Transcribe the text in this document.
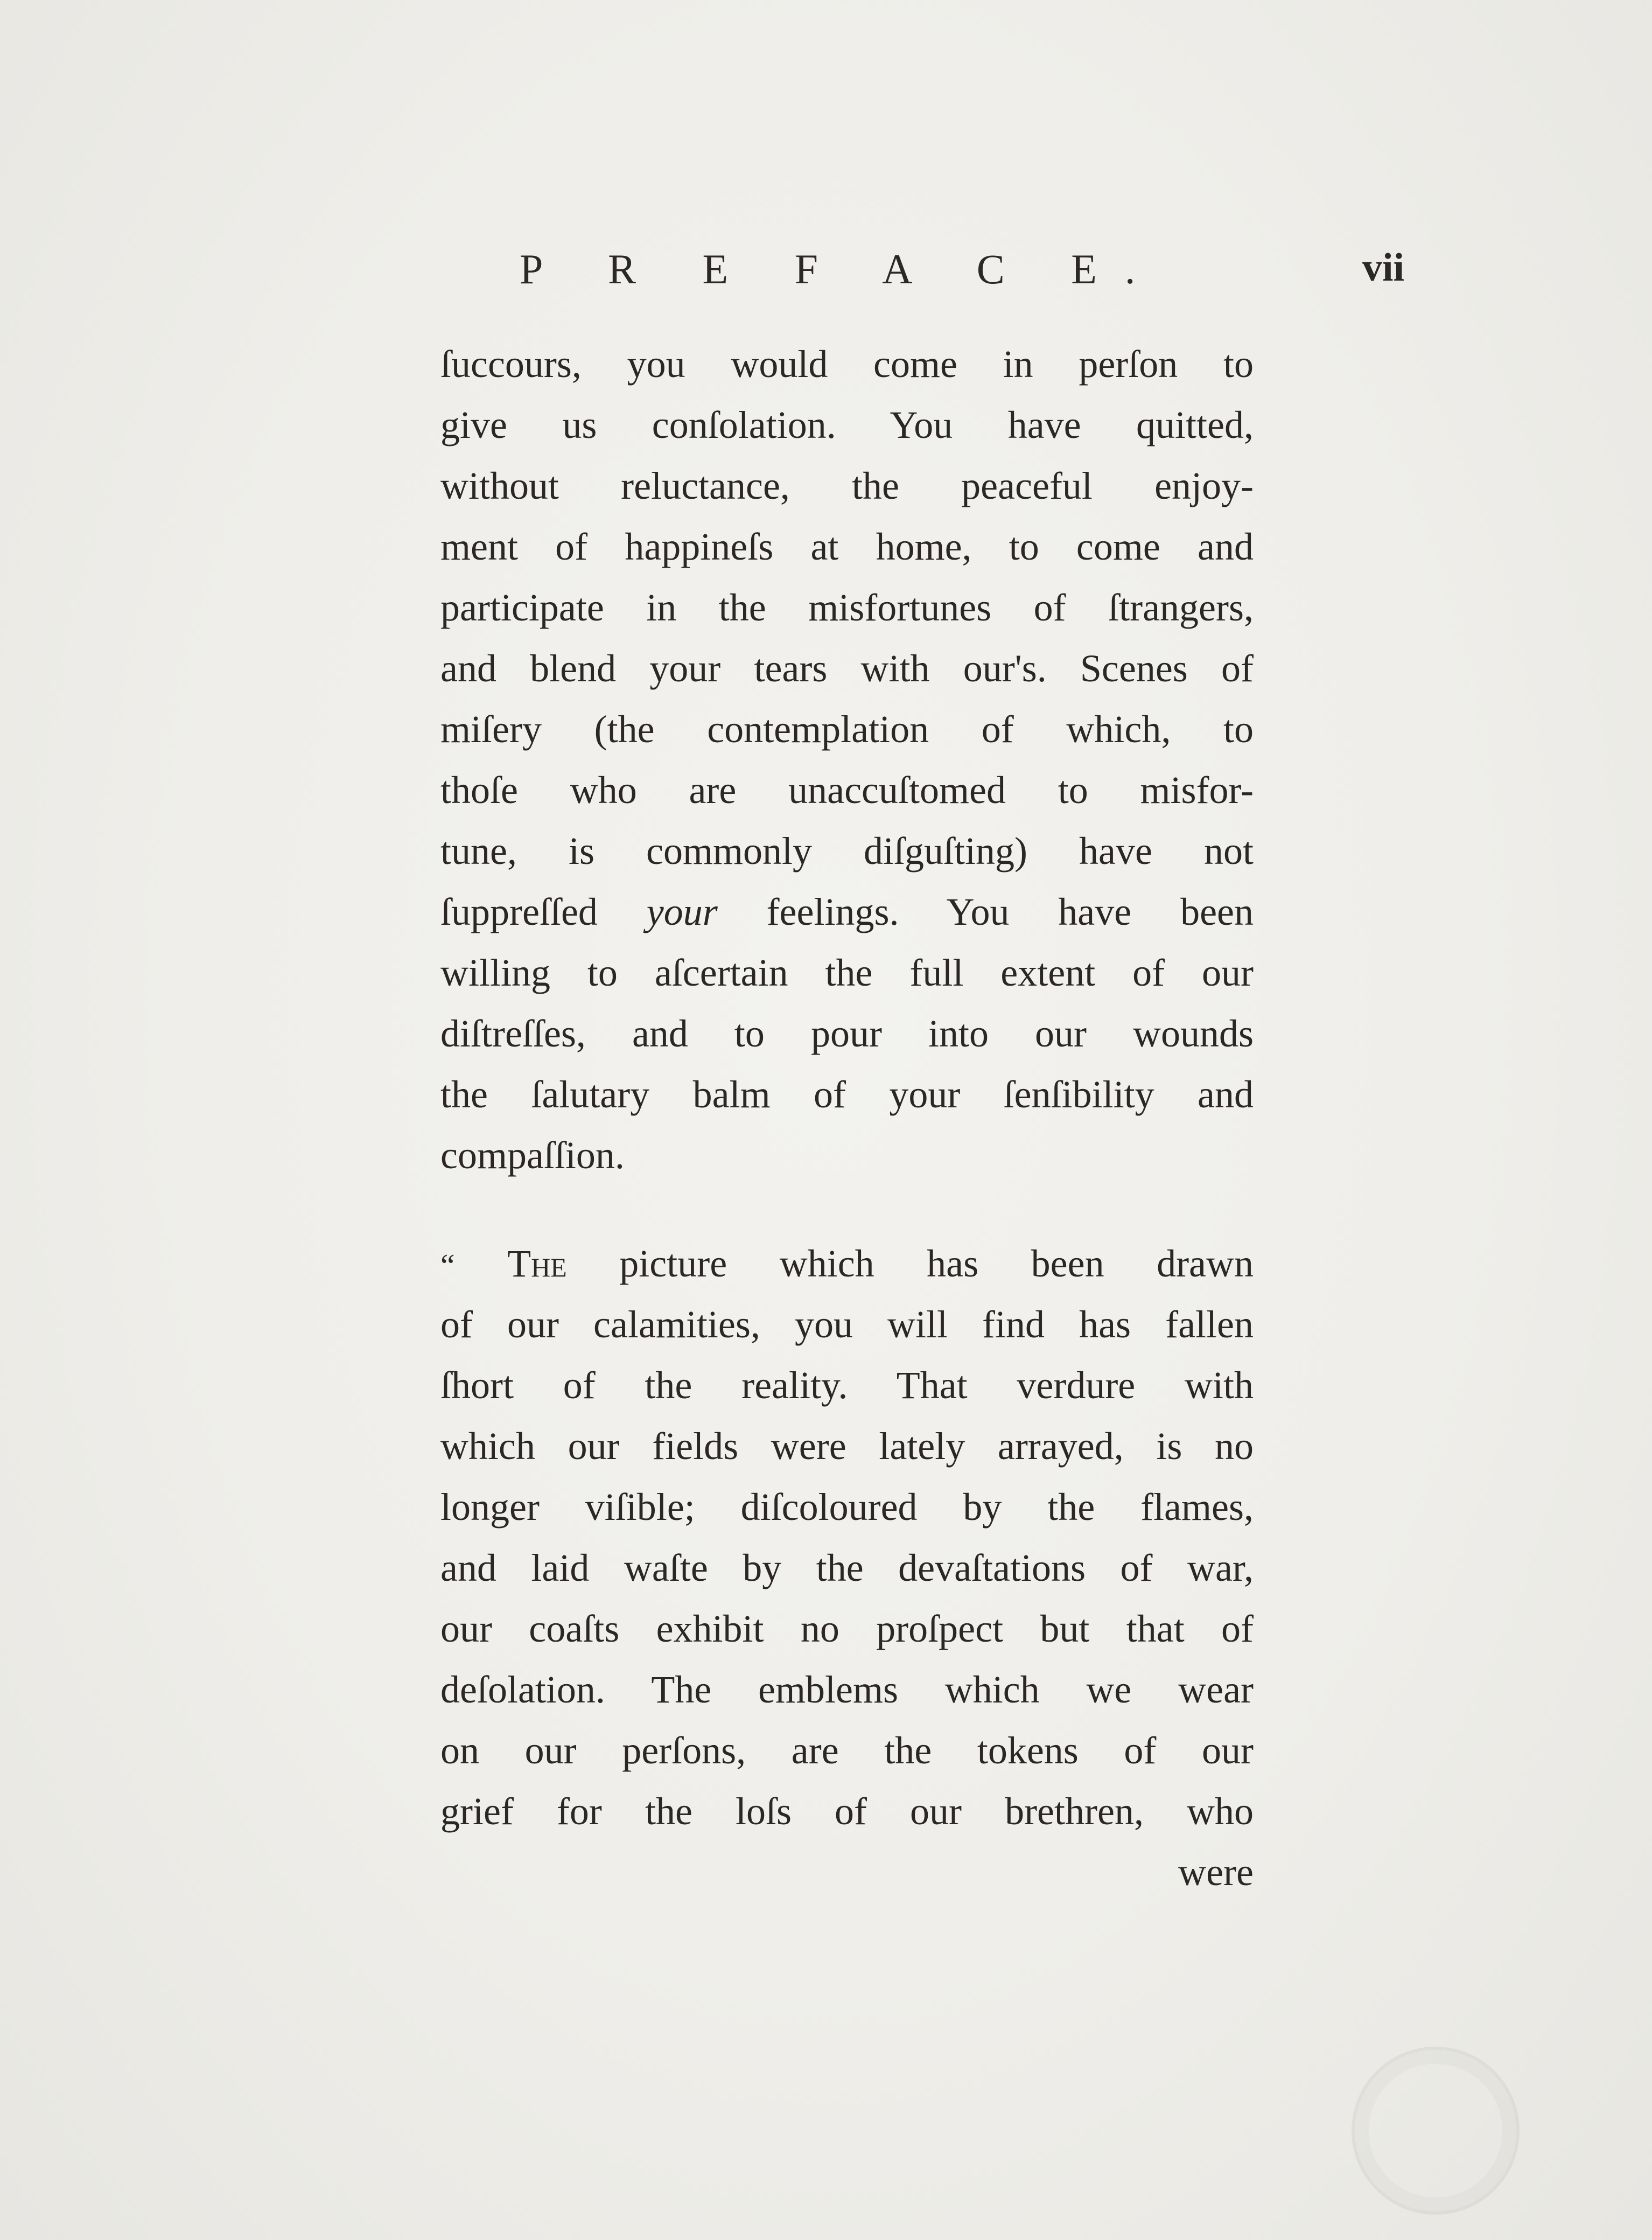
P R E F A C E.	vii
ſuccours, you would come in perſon to
give us conſolation. You have quitted,
without reluctance, the peaceful enjoy-
ment of happineſs at home, to come and
participate in the misfortunes of ſtrangers,
and blend your tears with our's. Scenes of
miſery (the contemplation of which, to
thoſe who are unaccuſtomed to misfor-
tune, is commonly diſguſting) have not
ſuppreſſed your feelings. You have been
willing to aſcertain the full extent of our
diſtreſſes, and to pour into our wounds
the ſalutary balm of your ſenſibility and
compaſſion.
“ The picture which has been drawn
of our calamities, you will find has fallen
ſhort of the reality. That verdure with
which our fields were lately arrayed, is no
longer viſible; diſcoloured by the flames,
and laid waſte by the devaſtations of war,
our coaſts exhibit no proſpect but that of
deſolation. The emblems which we wear
on our perſons, are the tokens of our
grief for the loſs of our brethren, who
were
